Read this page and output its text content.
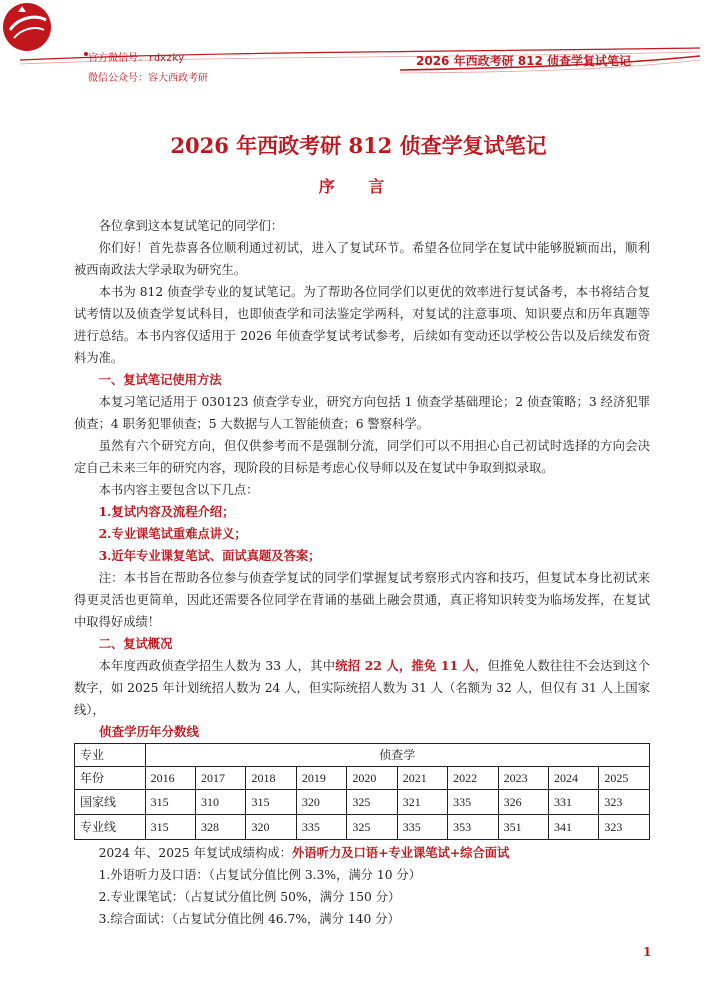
官方微信号：rdxzky
微信公众号：容大西政考研
2026 年西政考研 812 侦查学复试笔记
2026 年西政考研 812 侦查学复试笔记
序 言

各位拿到这本复试笔记的同学们：

你们好！首先恭喜各位顺利通过初试，进入了复试环节。希望各位同学在复试中能够脱颖而出，顺利被西南政法大学录取为研究生。

本书为 812 侦查学专业的复试笔记。为了帮助各位同学们以更优的效率进行复试备考，本书将结合复试考情以及侦查学复试科目，也即侦查学和司法鉴定学两科，对复试的注意事项、知识要点和历年真题等进行总结。本书内容仅适用于 2026 年侦查学复试考试参考，后续如有变动还以学校公告以及后续发布资料为准。

一、复试笔记使用方法

本复习笔记适用于 030123 侦查学专业，研究方向包括 1 侦查学基础理论；2 侦查策略；3 经济犯罪侦查；4 职务犯罪侦查；5 大数据与人工智能侦查；6 警察科学。

虽然有六个研究方向，但仅供参考而不是强制分流，同学们可以不用担心自己初试时选择的方向会决定自己未来三年的研究内容，现阶段的目标是考虑心仪导师以及在复试中争取到拟录取。

本书内容主要包含以下几点：

1.复试内容及流程介绍；

2.专业课笔试重难点讲义；

3.近年专业课复笔试、面试真题及答案；

注：本书旨在帮助各位参与侦查学复试的同学们掌握复试考察形式内容和技巧，但复试本身比初试来得更灵活也更简单，因此还需要各位同学在背诵的基础上融会贯通，真正将知识转变为临场发挥，在复试中取得好成绩！

二、复试概况

本年度西政侦查学招生人数为 33 人，其中统招 22 人，推免 11 人，但推免人数往往不会达到这个数字，如 2025 年计划统招人数为 24 人，但实际统招人数为 31 人（名额为 32 人，但仅有 31 人上国家线），

侦查学历年分数线

专业	侦查学									
年份	2016	2017	2018	2019	2020	2021	2022	2023	2024	2025
国家线	315	310	315	320	325	321	335	326	331	323
专业线	315	328	320	335	325	335	353	351	341	323

2024 年、2025 年复试成绩构成：外语听力及口语+专业课笔试+综合面试

1.外语听力及口语：（占复试分值比例 3.3%，满分 10 分）

2.专业课笔试：（占复试分值比例 50%，满分 150 分）

3.综合面试：（占复试分值比例 46.7%，满分 140 分）

1
